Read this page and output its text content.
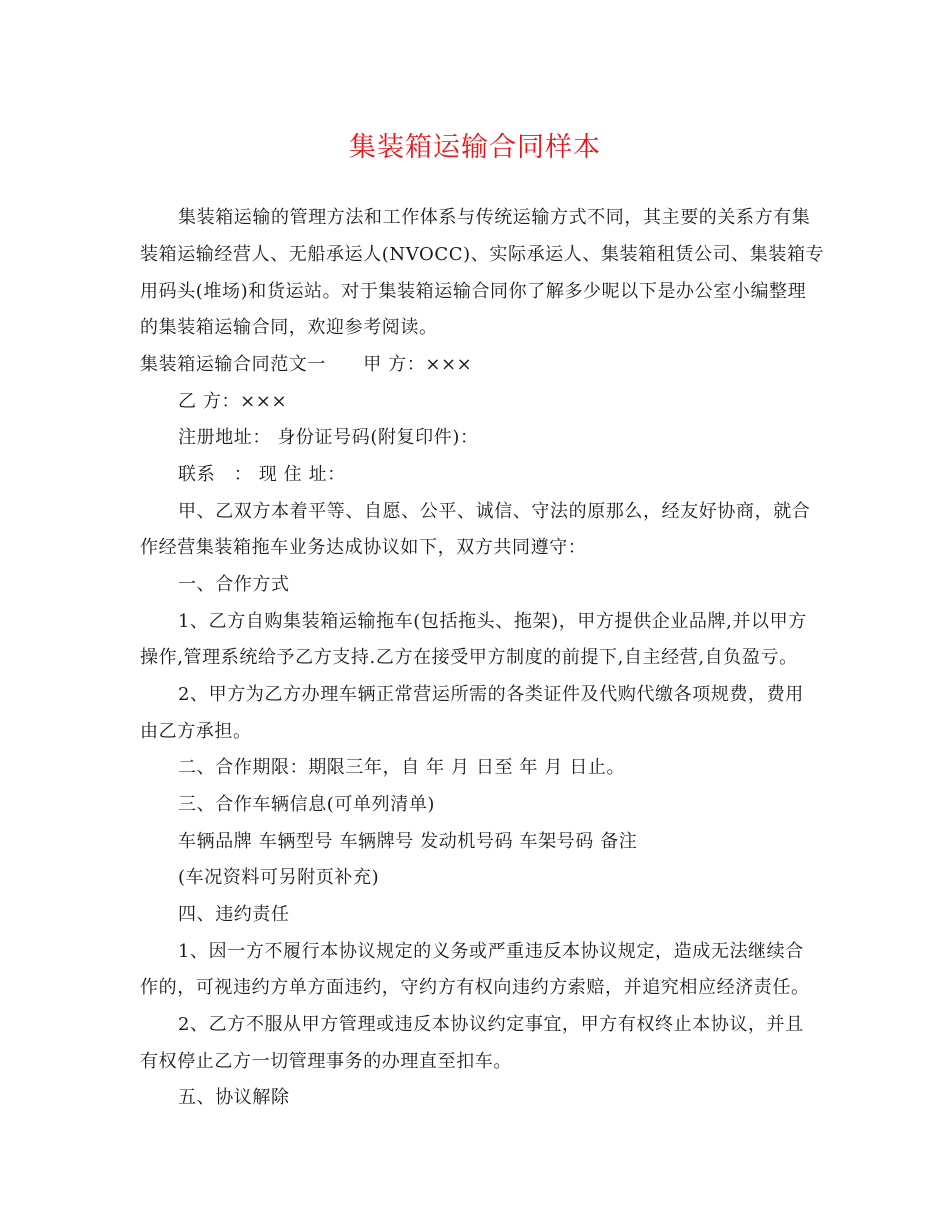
集装箱运输合同样本
集装箱运输的管理方法和工作体系与传统运输方式不同，其主要的关系方有集
装箱运输经营人、无船承运人(NVOCC)、实际承运人、集装箱租赁公司、集装箱专
用码头(堆场)和货运站。对于集装箱运输合同你了解多少呢以下是办公室小编整理
的集装箱运输合同，欢迎参考阅读。
集装箱运输合同范文一　　甲 方：×××
乙 方：×××
注册地址： 身份证号码(附复印件)：
联系　： 现 住 址：
甲、乙双方本着平等、自愿、公平、诚信、守法的原那么，经友好协商，就合
作经营集装箱拖车业务达成协议如下，双方共同遵守：
一、合作方式
1、乙方自购集装箱运输拖车(包括拖头、拖架)，甲方提供企业品牌,并以甲方
操作,管理系统给予乙方支持.乙方在接受甲方制度的前提下,自主经营,自负盈亏。
2、甲方为乙方办理车辆正常营运所需的各类证件及代购代缴各项规费，费用
由乙方承担。
二、合作期限：期限三年，自 年 月 日至 年 月 日止。
三、合作车辆信息(可单列清单)
车辆品牌 车辆型号 车辆牌号 发动机号码 车架号码 备注
(车况资料可另附页补充)
四、违约责任
1、因一方不履行本协议规定的义务或严重违反本协议规定，造成无法继续合
作的，可视违约方单方面违约，守约方有权向违约方索赔，并追究相应经济责任。
2、乙方不服从甲方管理或违反本协议约定事宜，甲方有权终止本协议，并且
有权停止乙方一切管理事务的办理直至扣车。
五、协议解除
